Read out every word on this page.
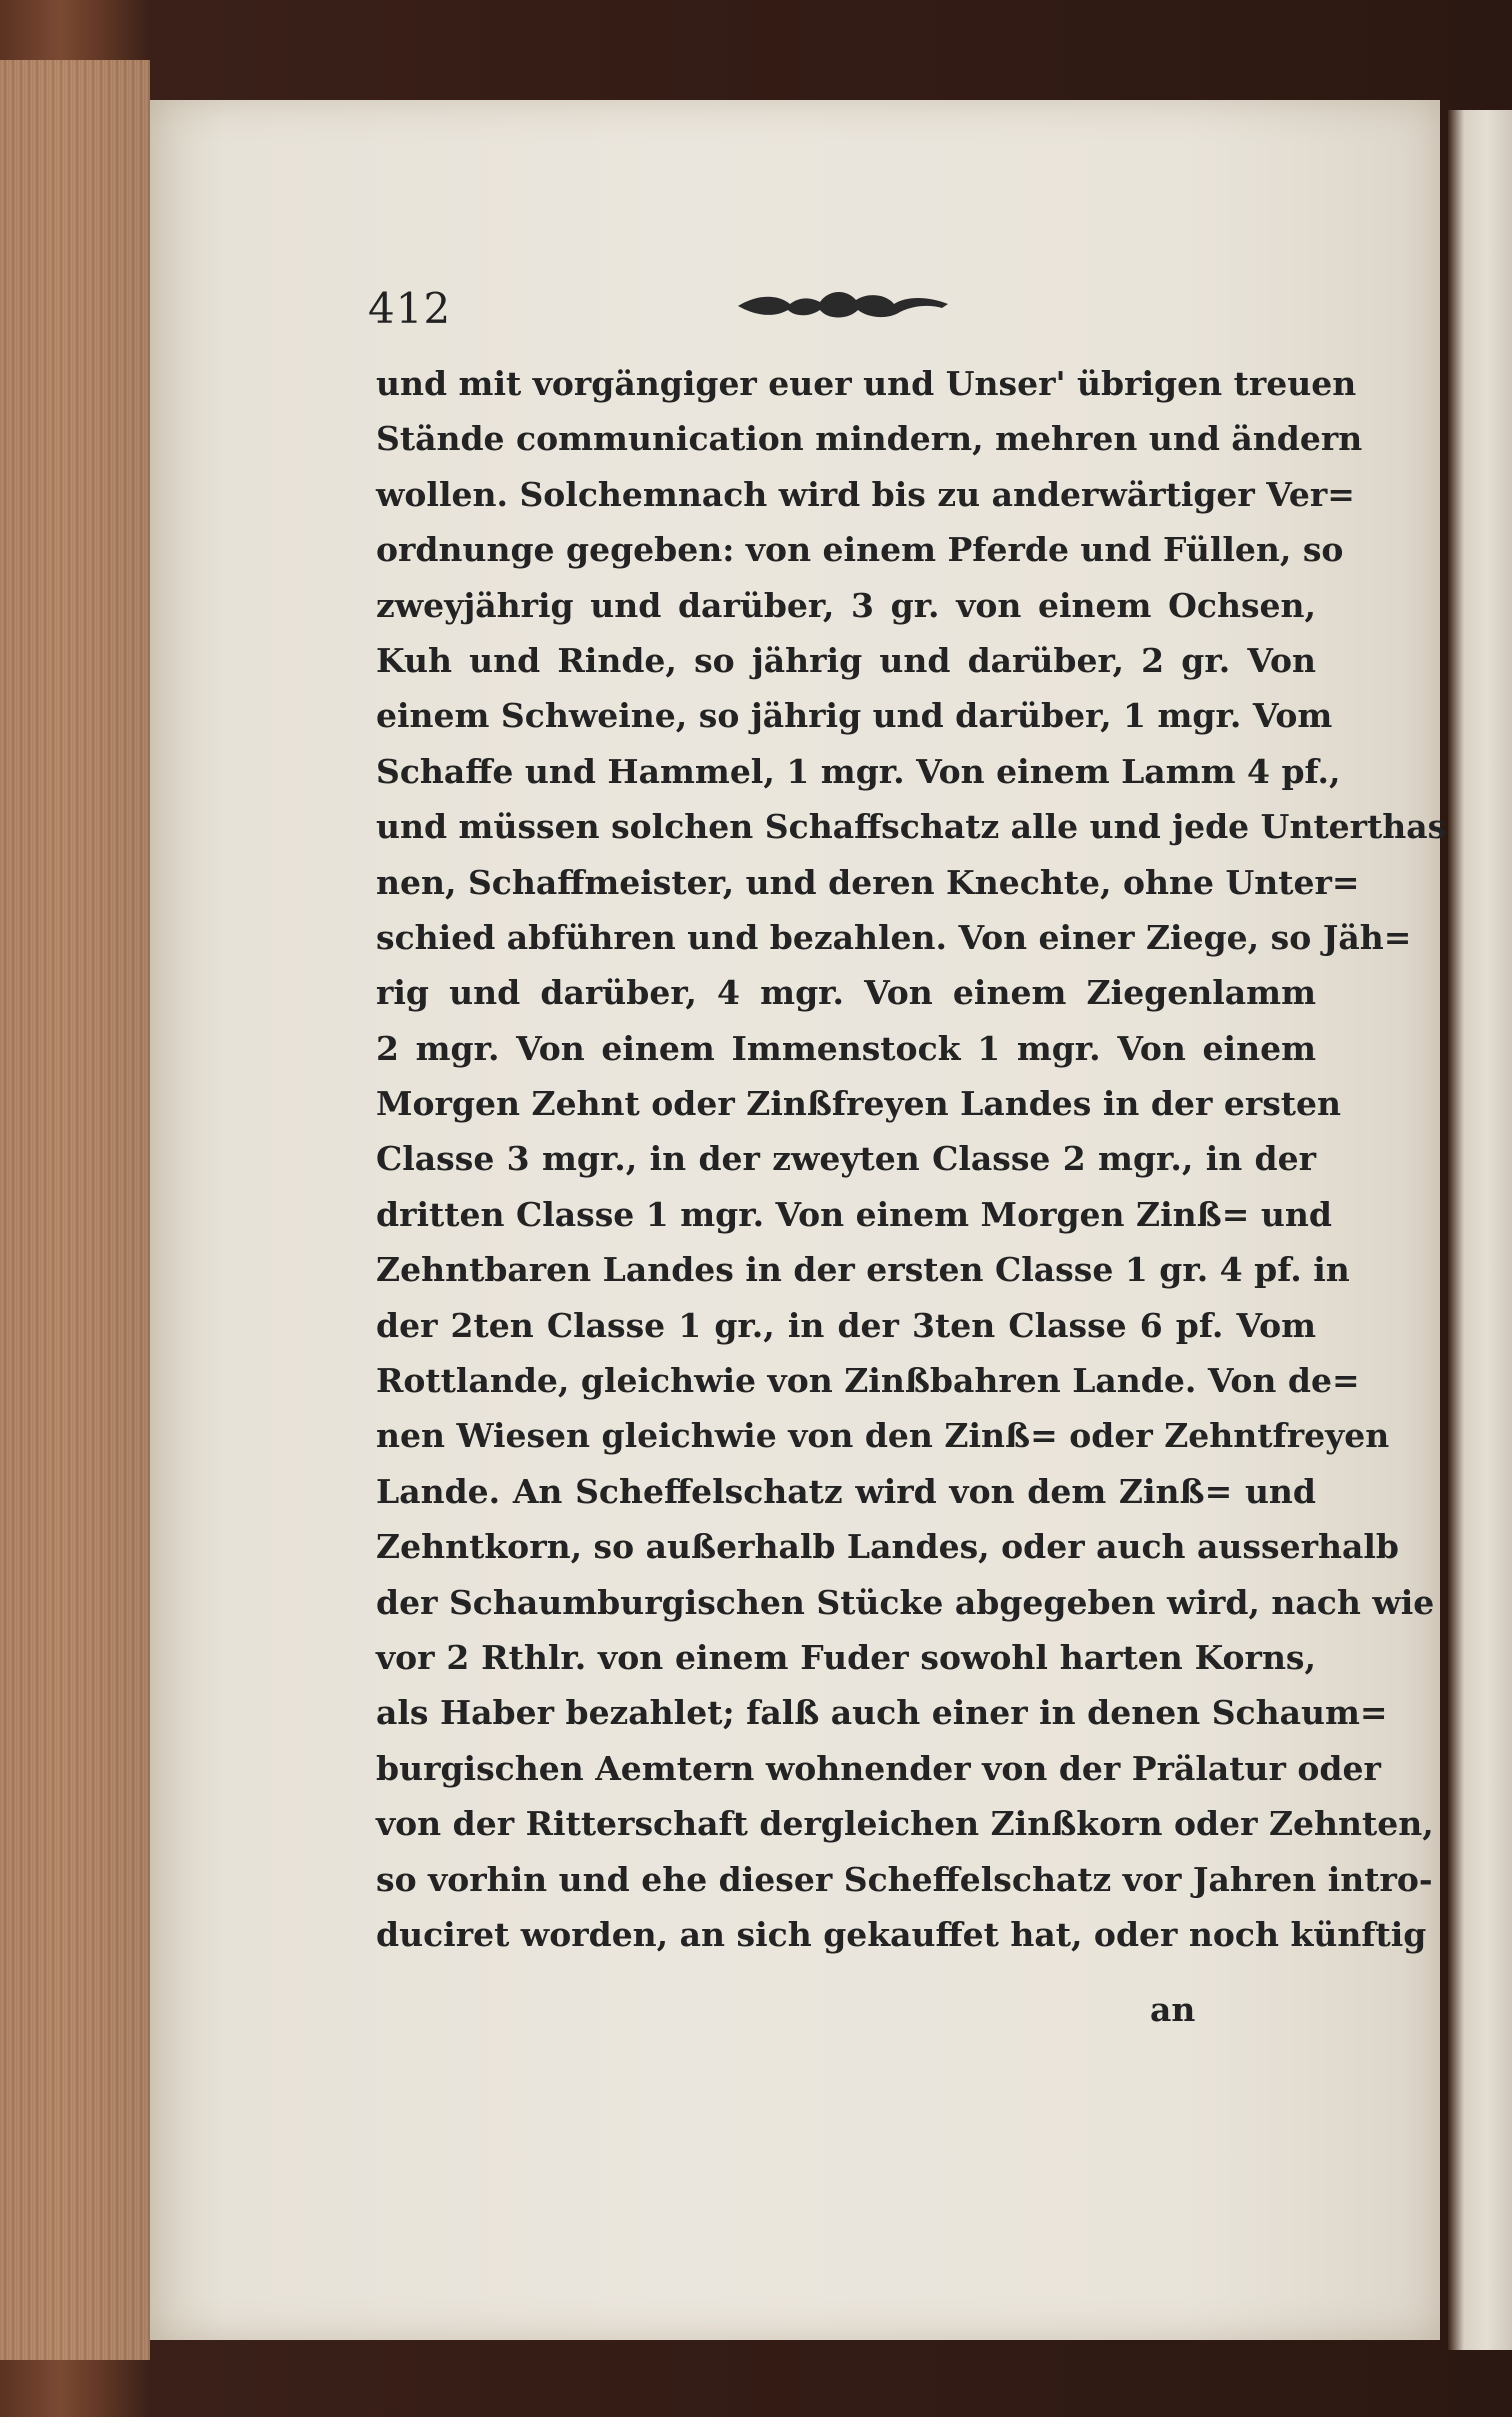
412
und mit vorgängiger euer und Unser' übrigen treuen
Stände communication mindern, mehren und ändern
wollen. Solchemnach wird bis zu anderwärtiger Ver=
ordnunge gegeben: von einem Pferde und Füllen, so
zweyjährig und darüber, 3 gr. von einem Ochsen,
Kuh und Rinde, so jährig und darüber, 2 gr. Von
einem Schweine, so jährig und darüber, 1 mgr. Vom
Schaffe und Hammel, 1 mgr. Von einem Lamm 4 pf.,
und müssen solchen Schaffschatz alle und jede Unterthas
nen, Schaffmeister, und deren Knechte, ohne Unter=
schied abführen und bezahlen. Von einer Ziege, so Jäh=
rig und darüber, 4 mgr. Von einem Ziegenlamm
2 mgr. Von einem Immenstock 1 mgr. Von einem
Morgen Zehnt oder Zinßfreyen Landes in der ersten
Classe 3 mgr., in der zweyten Classe 2 mgr., in der
dritten Classe 1 mgr. Von einem Morgen Zinß= und
Zehntbaren Landes in der ersten Classe 1 gr. 4 pf. in
der 2ten Classe 1 gr., in der 3ten Classe 6 pf. Vom
Rottlande, gleichwie von Zinßbahren Lande. Von de=
nen Wiesen gleichwie von den Zinß= oder Zehntfreyen
Lande. An Scheffelschatz wird von dem Zinß= und
Zehntkorn, so außerhalb Landes, oder auch ausserhalb
der Schaumburgischen Stücke abgegeben wird, nach wie
vor 2 Rthlr. von einem Fuder sowohl harten Korns,
als Haber bezahlet; falß auch einer in denen Schaum=
burgischen Aemtern wohnender von der Prälatur oder
von der Ritterschaft dergleichen Zinßkorn oder Zehnten,
so vorhin und ehe dieser Scheffelschatz vor Jahren intro-
duciret worden, an sich gekauffet hat, oder noch künftig
an
